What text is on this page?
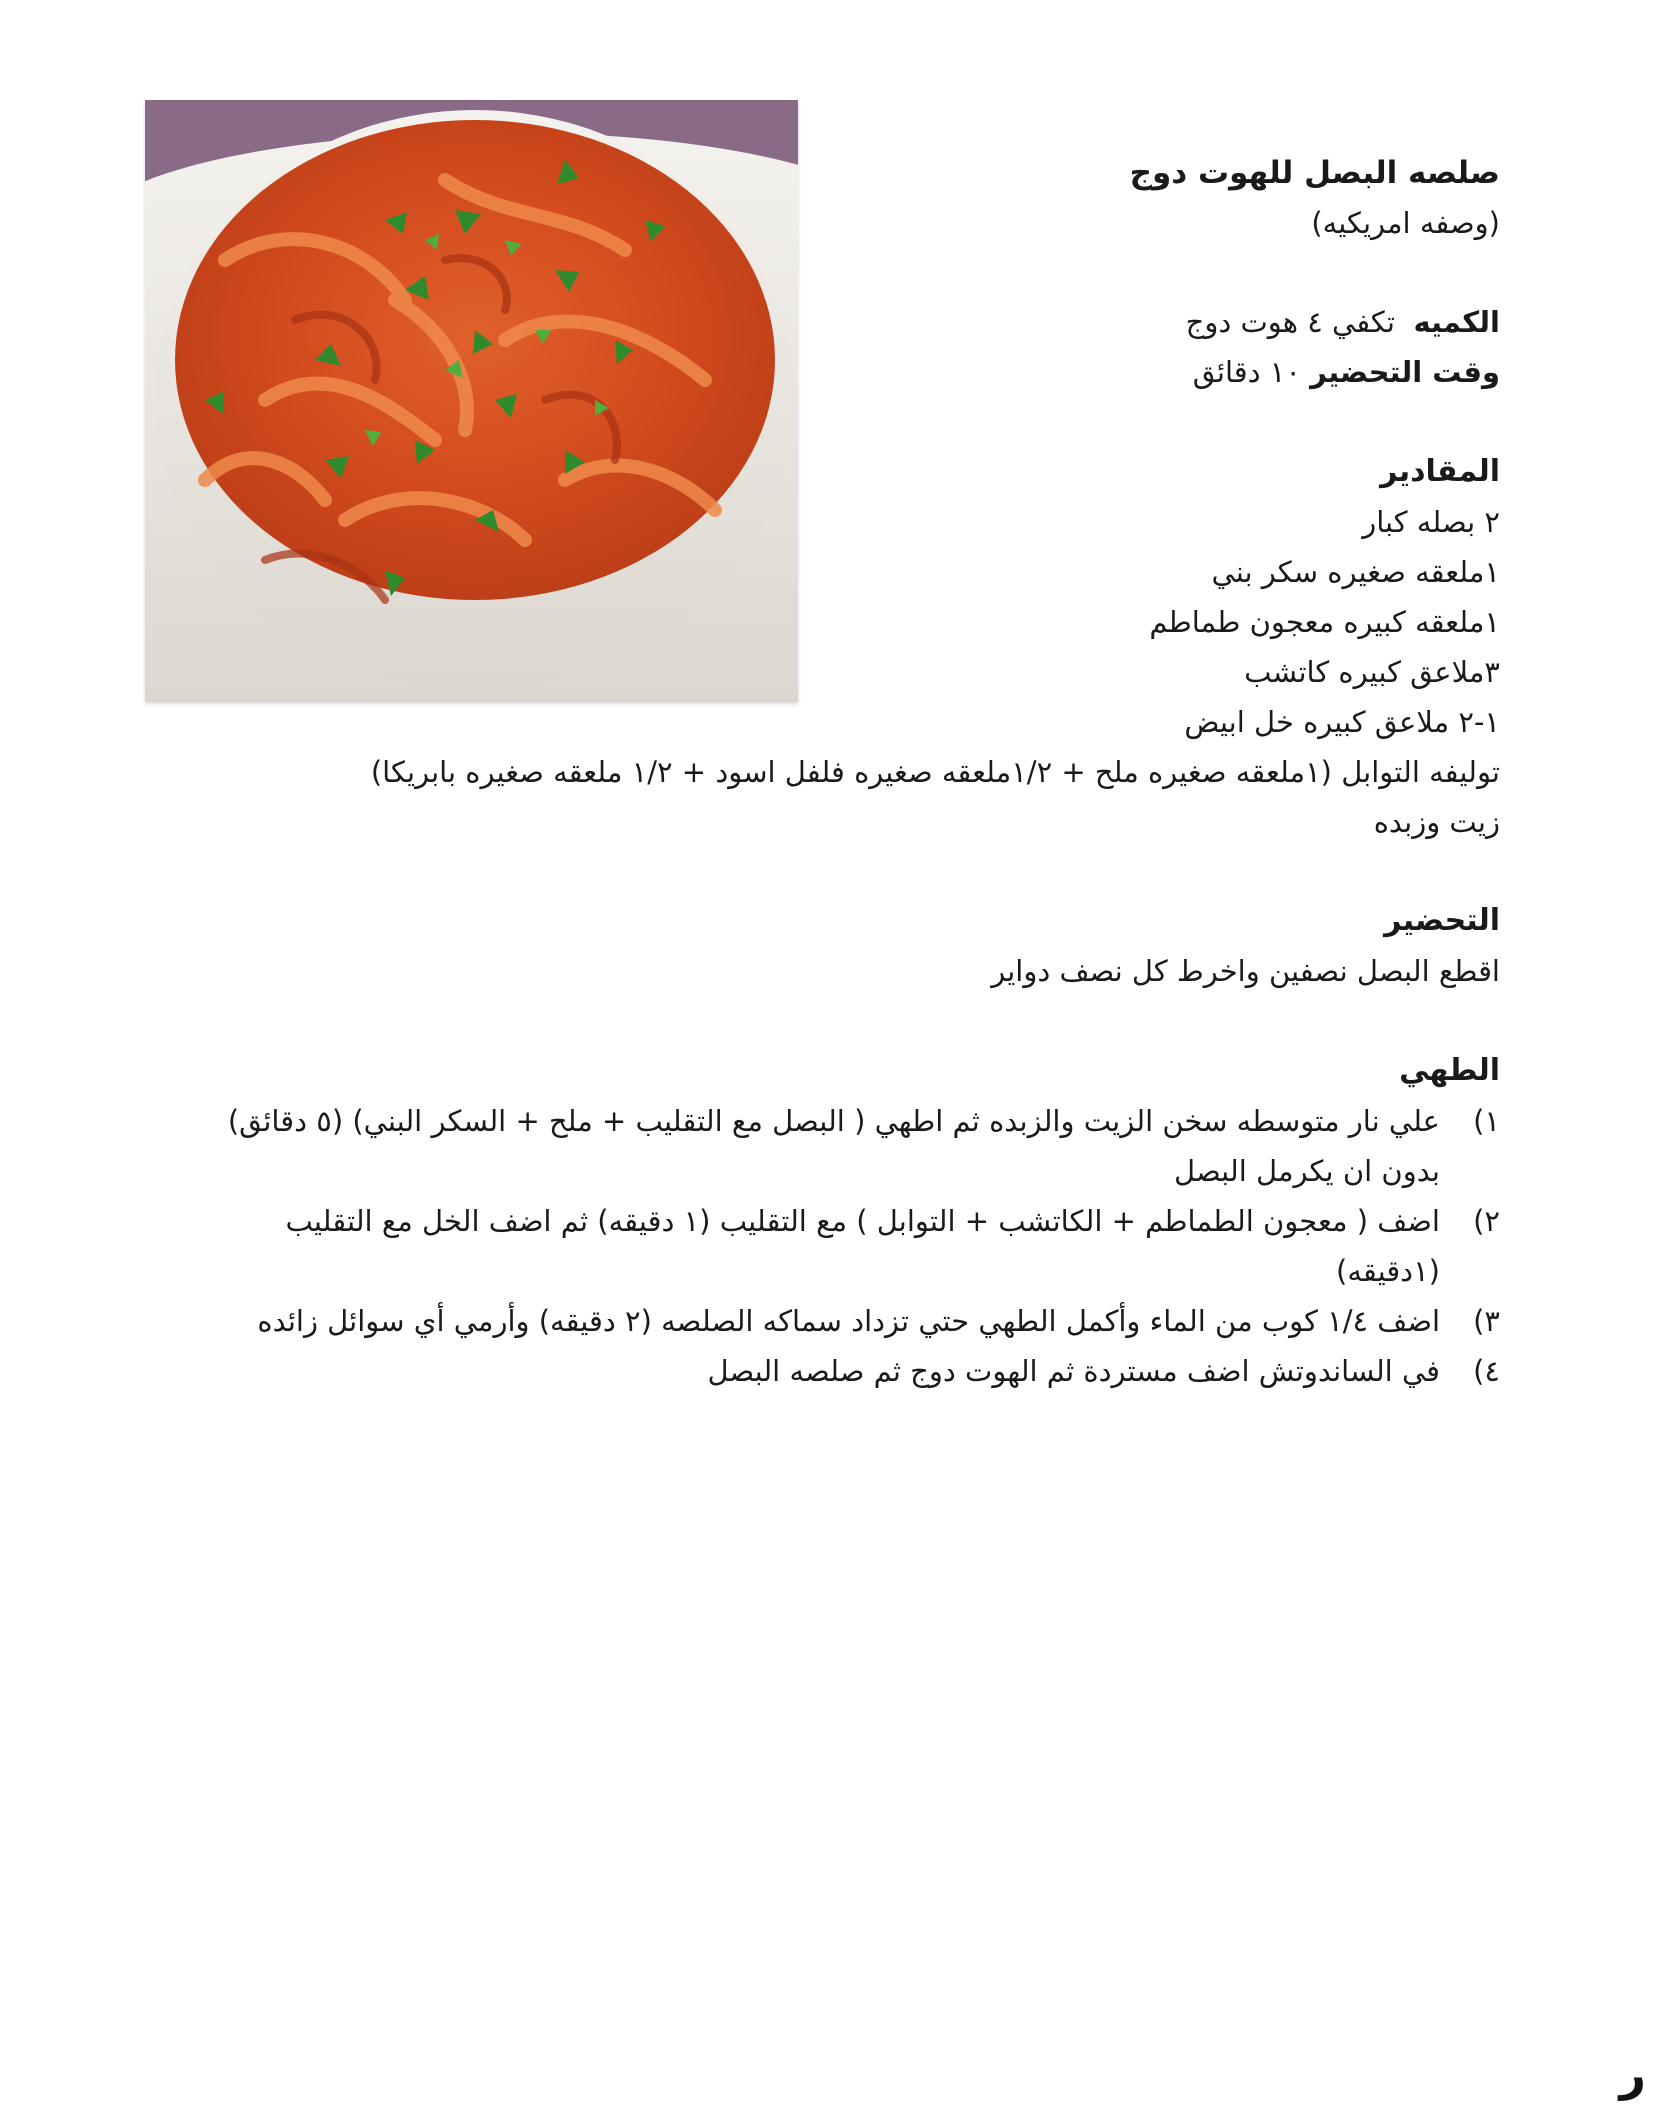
صلصه البصل للهوت دوج
(وصفه امريكيه)
الكميه  تكفي ٤ هوت دوج
وقت التحضير ١٠ دقائق
المقادير
٢ بصله كبار
١ملعقه صغيره سكر بني
١ملعقه كبيره معجون طماطم
٣ملاعق كبيره كاتشب
١-٢ ملاعق كبيره خل ابيض
توليفه التوابل (١ملعقه صغيره ملح + ١/٢ملعقه صغيره فلفل اسود + ١/٢ ملعقه صغيره بابريكا)
زيت وزبده
التحضير
اقطع البصل نصفين واخرط كل نصف دواير
الطهي
١)
علي نار متوسطه سخن الزيت والزبده ثم اطهي ( البصل مع التقليب + ملح + السكر البني) (٥ دقائق)
بدون ان يكرمل البصل
٢)
اضف ( معجون الطماطم + الكاتشب + التوابل ) مع التقليب (١ دقيقه) ثم اضف الخل مع التقليب
(١دقيقه)
٣)
اضف ١/٤ كوب من الماء وأكمل الطهي حتي تزداد سماكه الصلصه (٢ دقيقه) وأرمي أي سوائل زائده
٤)
في الساندوتش اضف مستردة ثم الهوت دوج ثم صلصه البصل
ر
